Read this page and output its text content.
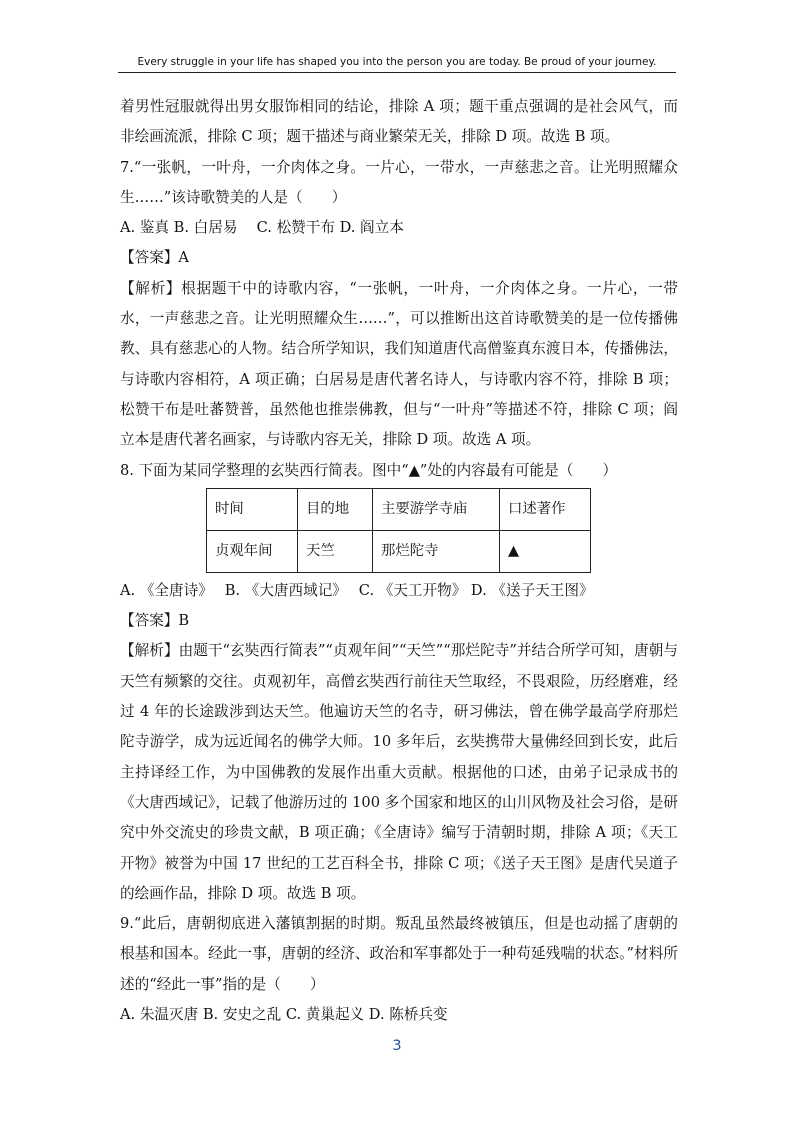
Every struggle in your life has shaped you into the person you are today. Be proud of your journey.

着男性冠服就得出男女服饰相同的结论，排除 A 项；题干重点强调的是社会风气，而非绘画流派，排除 C 项；题干描述与商业繁荣无关，排除 D 项。故选 B 项。

7.“一张帆，一叶舟，一介肉体之身。一片心，一带水，一声慈悲之音。让光明照耀众生……”该诗歌赞美的人是（　　）

A. 鉴真 B. 白居易　 C. 松赞干布 D. 阎立本

【答案】A

【解析】根据题干中的诗歌内容，“一张帆，一叶舟，一介肉体之身。一片心，一带水，一声慈悲之音。让光明照耀众生……”，可以推断出这首诗歌赞美的是一位传播佛教、具有慈悲心的人物。结合所学知识，我们知道唐代高僧鉴真东渡日本，传播佛法，与诗歌内容相符，A 项正确；白居易是唐代著名诗人，与诗歌内容不符，排除 B 项；松赞干布是吐蕃赞普，虽然他也推崇佛教，但与“一叶舟”等描述不符，排除 C 项；阎立本是唐代著名画家，与诗歌内容无关，排除 D 项。故选 A 项。

8. 下面为某同学整理的玄奘西行简表。图中“▲”处的内容最有可能是（　　）

时间	目的地	主要游学寺庙	口述著作
贞观年间	天竺	那烂陀寺	▲

A. 《全唐诗》　 B. 《大唐西域记》　 C. 《天工开物》 D. 《送子天王图》

【答案】B

【解析】由题干“玄奘西行简表”“贞观年间”“天竺”“那烂陀寺”并结合所学可知，唐朝与天竺有频繁的交往。贞观初年，高僧玄奘西行前往天竺取经，不畏艰险，历经磨难，经过 4 年的长途跋涉到达天竺。他遍访天竺的名寺，研习佛法，曾在佛学最高学府那烂陀寺游学，成为远近闻名的佛学大师。10 多年后，玄奘携带大量佛经回到长安，此后主持译经工作，为中国佛教的发展作出重大贡献。根据他的口述，由弟子记录成书的《大唐西域记》，记载了他游历过的 100 多个国家和地区的山川风物及社会习俗，是研究中外交流史的珍贵文献，B 项正确；《全唐诗》编写于清朝时期，排除 A 项；《天工开物》被誉为中国 17 世纪的工艺百科全书，排除 C 项；《送子天王图》是唐代吴道子的绘画作品，排除 D 项。故选 B 项。

9.“此后，唐朝彻底进入藩镇割据的时期。叛乱虽然最终被镇压，但是也动摇了唐朝的根基和国本。经此一事，唐朝的经济、政治和军事都处于一种苟延残喘的状态。”材料所述的“经此一事”指的是（　　）

A. 朱温灭唐 B. 安史之乱 C. 黄巢起义 D. 陈桥兵变

3
